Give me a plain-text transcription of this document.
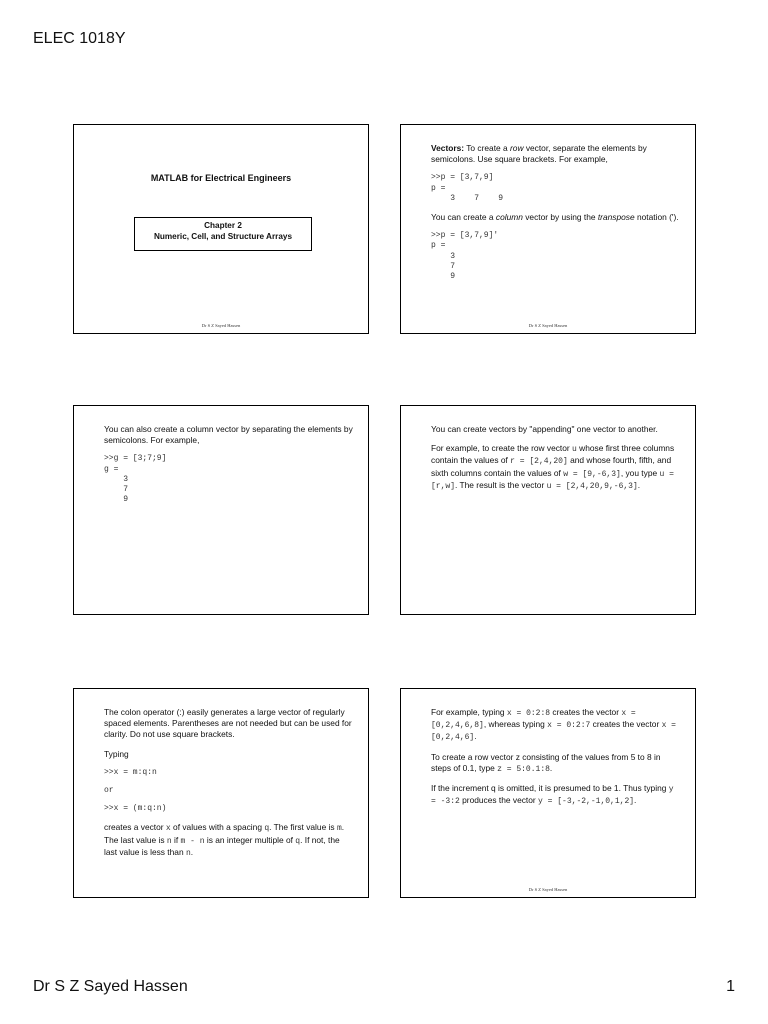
ELEC 1018Y
MATLAB for Electrical Engineers
Chapter 2
Numeric, Cell, and Structure Arrays
Dr S Z Sayed Hassen

Vectors: To create a row vector, separate the elements by semicolons. Use square brackets. For example,

>>p = [3,7,9]
p =
3    7    9

You can create a column vector by using the transpose notation (').

>>p = [3,7,9]'
p =
3
7
9
Dr S Z Sayed Hassen

You can also create a column vector by separating the elements by semicolons. For example,

>>g = [3;7;9]
g =
3
7
9

You can create vectors by "appending" one vector to another.

For example, to create the row vector u whose first three columns contain the values of r = [2,4,20] and whose fourth, fifth, and sixth columns contain the values of w = [9,-6,3], you type u = [r,w]. The result is the vector u = [2,4,20,9,-6,3].

The colon operator (:) easily generates a large vector of regularly spaced elements. Parentheses are not needed but can be used for clarity. Do not use square brackets.

Typing

>>x = m:q:n
or
>>x = (m:q:n)

creates a vector x of values with a spacing q. The first value is m. The last value is n if m - n is an integer multiple of q. If not, the last value is less than n.

For example, typing x = 0:2:8 creates the vector x = [0,2,4,6,8], whereas typing x = 0:2:7 creates the vector x = [0,2,4,6].

To create a row vector z consisting of the values from 5 to 8 in steps of 0.1, type z = 5:0.1:8.

If the increment q is omitted, it is presumed to be 1. Thus typing y = -3:2 produces the vector y = [-3,-2,-1,0,1,2].

Dr S Z Sayed Hassen
Dr S Z Sayed Hassen	1
